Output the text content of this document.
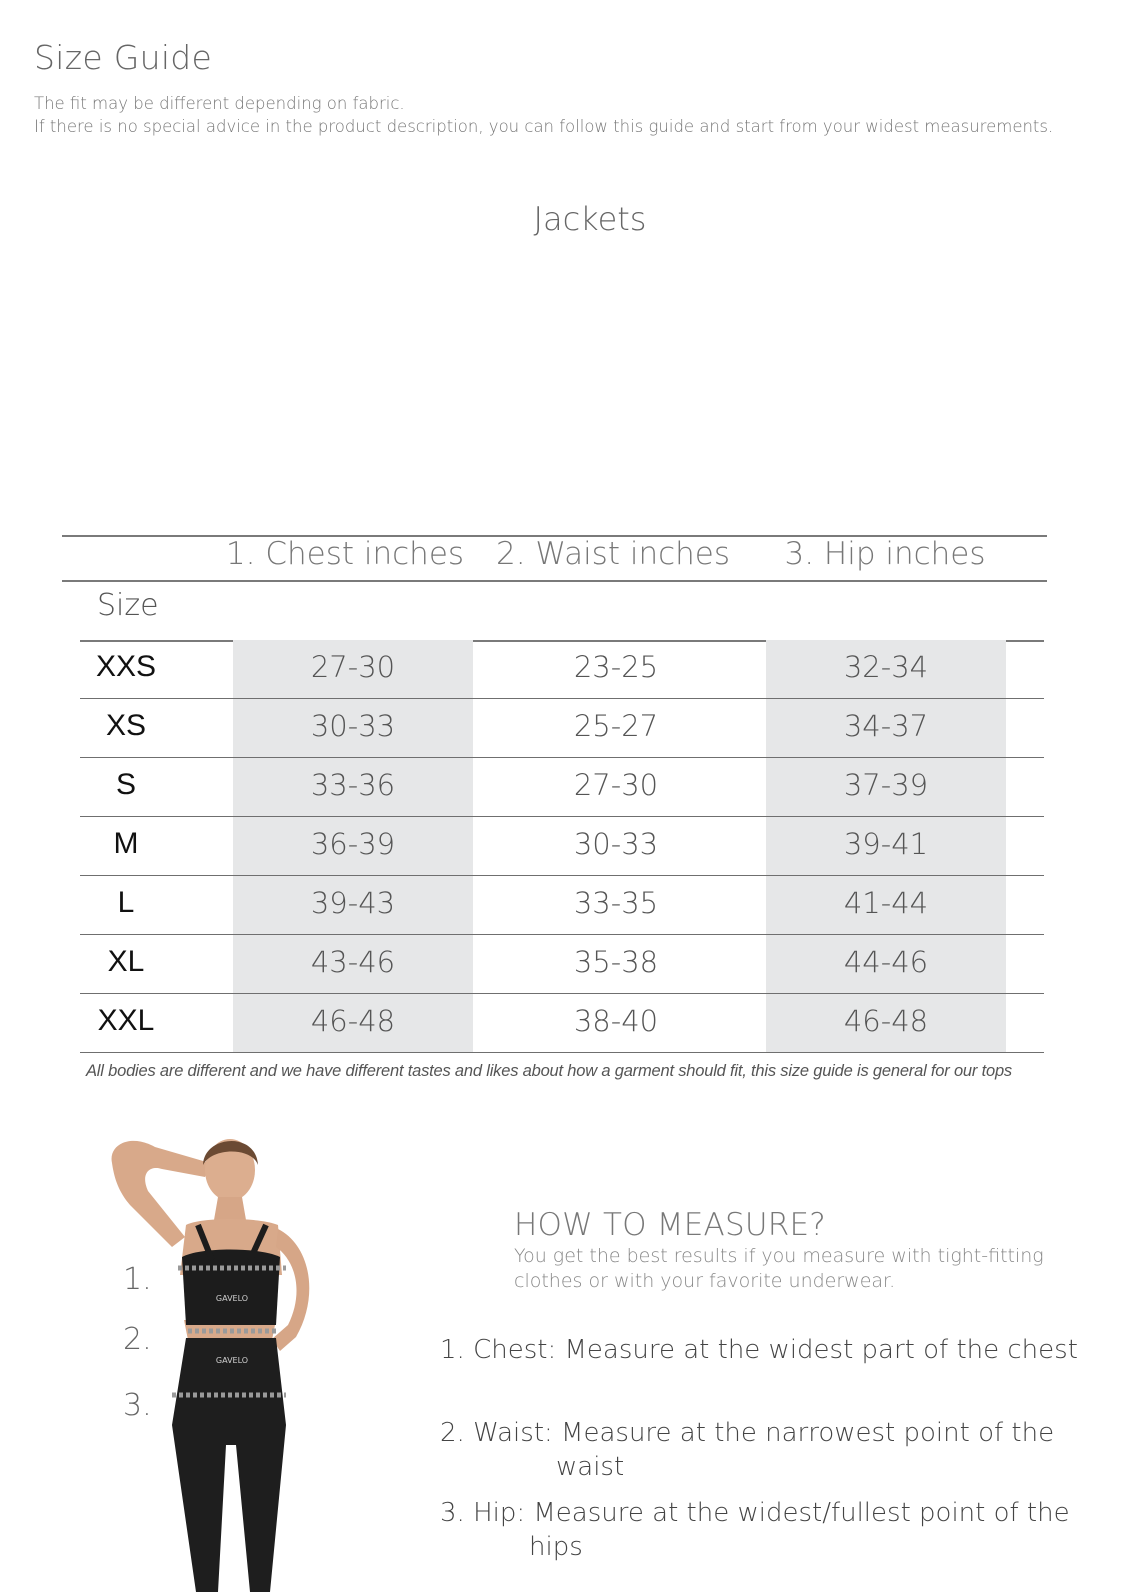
Size Guide
The fit may be different depending on fabric.
If there is no special advice in the product description, you can follow this guide and start from your widest measurements.
Jackets
1. Chest inches	2. Waist inches	3. Hip inches
Size
XXS	27-30	23-25	32-34
XS	30-33	25-27	34-37
S	33-36	27-30	37-39
M	36-39	30-33	39-41
L	39-43	33-35	41-44
XL	43-46	35-38	44-46
XXL	46-48	38-40	46-48
All bodies are different and we have different tastes and likes about how a garment should fit, this size guide is general for our tops
GAVELO
GAVELO
1.
2.
3.
HOW TO MEASURE?
You get the best results if you measure with tight-fitting
clothes or with your favorite underwear.
1. Chest: Measure at the widest part of the chest
2. Waist: Measure at the narrowest point of the
waist
3. Hip: Measure at the widest/fullest point of the
hips
